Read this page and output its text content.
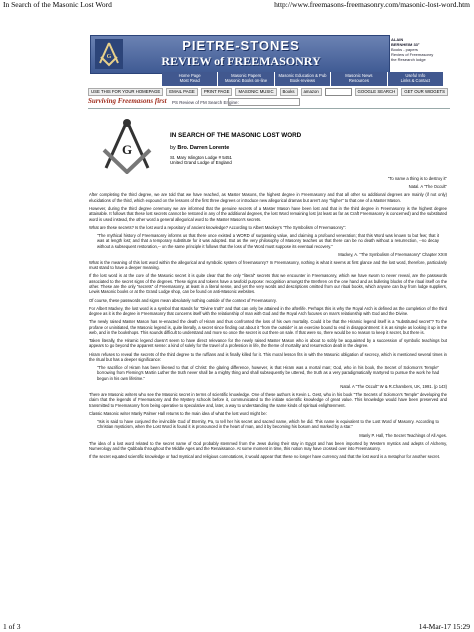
In Search of the Masonic Lost Word	http://www.freemasons-freemasonry.com/masonic-lost-word.htm
G
PIETRE-STONES
REVIEW of FREEMASONRY
ALAIN
BERNHEIM 33°
Books - papers
Review of Freemasonry
the Research lodge
Home Page
Most Read
Masonic Papers
Masonic Books on-line
Masonic Education & Pub
Book-reviews
Masonic News
Resources
Useful Info
Links & Contact
USE THIS FOR YOUR HOMEPAGE	EMAIL PAGE	PRINT PAGE	MASONIC MUSIC	Books	amazon	GOOGLE SEARCH	GET OUR WIDGETS
Surviving Freemasons first PS Review of FM Search Engine:
G
IN SEARCH OF THE MASONIC LOST WORD
by Bro. Darren Lorente
St. Mary Islington Lodge # 5451
United Grand Lodge of England

"To name a thing is to destroy it"

Natal. A "The Occult"

After completing the third degree, we are told that we have reached, as Master Masons, the highest degree in Freemasonry and that all other so additional degrees are mainly (if not only) elucidations of the third, which expound on the lessons of the first three degrees or introduce new allegorical dramas but aren't any "higher" to that one of a Master Mason.

However, during the third degree ceremony we are informed that the genuine secrets of a Master Mason have been lost and that in the third degree in Freemasonry is the highest degree attainable. It follows that these lost secrets cannot be restored in any of the additional degrees, the lost Word remaining lost (at least as far as Craft Freemasonry is concerned) and the substituted word is used instead, the other word a general allegorical word to the Master Mason's secrets.

What are these secrets? Is the lost word a repository of ancient knowledge? According to Albert Mackey's "The Symbolism of Freemasonry":

"The mythical history of Freemasonry informs us that there once existed a WORD of surpassing value, and claiming a profound veneration; that this Word was known to but few; that it was at length lost; and that a temporary substitute for it was adopted. But as the very philosophy of Masonry teaches us that there can be no death without a resurrection, --no decay without a subsequent restoration,-- on the same principle it follows that the loss of the Word must suppose its eventual recovery."

Mackey, A. "The Symbolism of Freemasonry" Chapter XXIII

What is the meaning of this lost word within the allegorical and symbolic system of freemasonry? In Freemasonry, nothing is what it seems at first glance and the lost word, therefore, particularly must stand to have a deeper meaning.

If the lost word is at the core of the Masonic secret it is quite clear that the only "literal" secrets that we encounter in Freemasonry, which we have sworn to never reveal, are the passwords associated to the secret signs of the degrees. These signs and tokens have a twofold purpose: recognition amongst the Brethren on the one hand and as bulleting blocks of the ritual itself on the other. These are the only "secrets" of Freemasonry, at least in a literal sense, and yet the very words and descriptions omitted from our ritual books, which anyone can buy from lodge suppliers, Lewis Masonic books or at the Grand Lodge shop, can be found on anti-Masonic websites.

Of course, these passwords and signs mean absolutely nothing outside of the context of Freemasonry.

For Albert Mackey, the lost word is a symbol that stands for "Divine truth" and that can only be attained in the afterlife. Perhaps this is why the Royal Arch is defined as the completion of the third degree as it is the degree in Freemasonry that concerns itself with the relationship of man with God and the Royal Arch focuses on man's relationship with God and the Divine.

The newly raised Master Mason has re-enacted the death of Hiram and thus confronted the loss of his own mortality. Could it be that the Hiramic legend itself is a "substituted secret"? To the profane or uninitiated, the Masonic legend is, quite literally, a secret since finding out about it "from the outside" is an exercise bound to end in disappointment: it is as simple as looking it up in the web, and in the bookshops. This sounds difficult to understand and more so once the secret is out there on sale. If that were so, there would be no reason to keep it secret, but there is.

Taken literally, the Hiramic legend doesn't seem to have direct relevance for the newly raised Master Mason who is about to sobly be acquainted by a succession of symbolic teachings but appears to go beyond the apparent sense: a kind of solely for the travel of a profession in life, the theme of mortality and resurrection dealt in the degree.

Hiram refuses to reveal the secrets of the third degree to the ruffians and is finally killed for it. This moral lesson fits in with the Masonic obligation of secrecy, which is mentioned several times in the ritual but has a deeper significance:

"The sacrifice of Hiram has been likened to that of Christ: the glaring difference, however, is that Hiram was a mortal man; God, who in his book, the Secret of Solomon's Temple" borrowing from Fleming's Martin Luther the truth never shall be a mighty thing and shall subsequently be uttered, the truth as a very paradigmatically martyred to pursue the work he had begun in his own lifetime."

Natal. A "The Occult" W & R.Chambers, UK, 1991. (p 143)

There are Masonic writers who see the Masonic secret in terms of scientific knowledge. One of these authors is Kevin L. Gest, who in his book "The Secrets of Solomon's Temple" developing the claim that the legends of Freemasonry and the Mystery schools before it, communicated to the initiate scientific knowledge of great value. This knowledge would have been preserved and transmitted to Freemasonry from being operative to speculative and, later, a way to understanding the same kinds of spiritual enlightenment.

Classic Masonic writer Manly Palmer Hall returns to the main idea of what the lost word might be:

"Isis is said to have conjured the invincible God of Eternity, Pa, to tell her his secret and sacred name, which he did. This name is equivalent to the Lost Word of Masonry. According to Christian mysticism, when the Lost Word is found it is pronounced in the heart of man, and it by becoming his bosom and marked by a star."

Manly P. Hall, The Secret Teachings of All Ages.

The idea of a lost word related to the secret name of God probably stemmed from the Jews during their stay in Egypt and has been imported by Western mystics and adepts of Alchemy, Numerology and the Qabbala throughout the Middle Ages and the Renaissance. At some moment in time, this notion may have crossed over into Freemasonry.

If the secret equated scientific knowledge or had mystical and religious connotations, it would appear that these no longer have currency and that the lost word is a metaphor for another secret.

1 of 3	14-Mar-17 15:29
